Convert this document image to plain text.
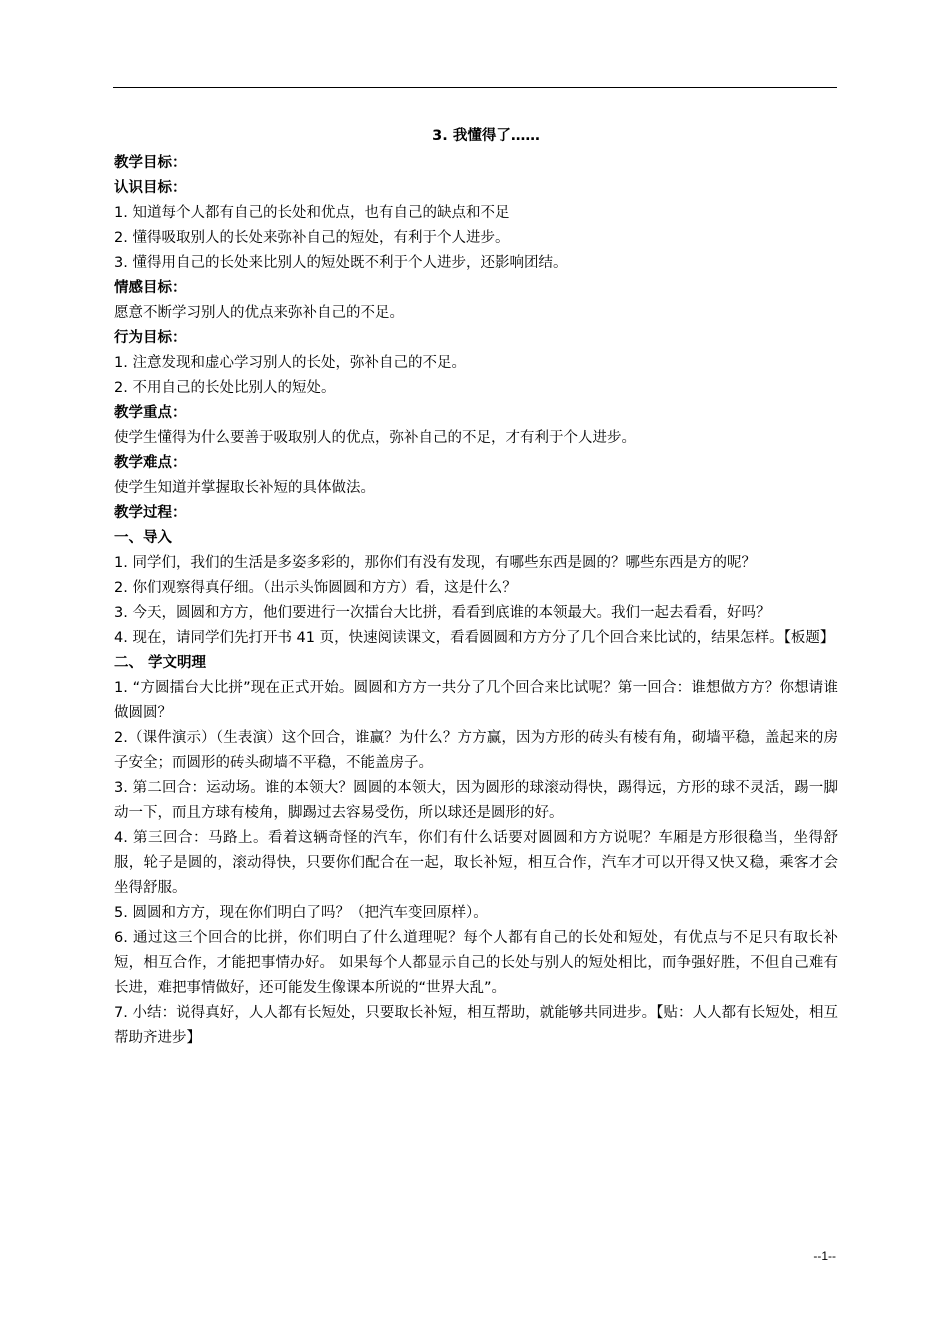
3. 我懂得了……
教学目标：
认识目标：
1. 知道每个人都有自己的长处和优点，也有自己的缺点和不足
2. 懂得吸取别人的长处来弥补自己的短处，有利于个人进步。
3. 懂得用自己的长处来比别人的短处既不利于个人进步，还影响团结。
情感目标：
愿意不断学习别人的优点来弥补自己的不足。
行为目标：
1. 注意发现和虚心学习别人的长处，弥补自己的不足。
2. 不用自己的长处比别人的短处。
教学重点：
使学生懂得为什么要善于吸取别人的优点，弥补自己的不足，才有利于个人进步。
教学难点：
使学生知道并掌握取长补短的具体做法。
教学过程：
一、导入
1. 同学们，我们的生活是多姿多彩的，那你们有没有发现，有哪些东西是圆的？哪些东西是方的呢？
2. 你们观察得真仔细。（出示头饰圆圆和方方）看，这是什么？
3. 今天，圆圆和方方，他们要进行一次擂台大比拼，看看到底谁的本领最大。我们一起去看看，好吗？
4. 现在，请同学们先打开书 41 页，快速阅读课文，看看圆圆和方方分了几个回合来比试的，结果怎样。【板题】
二、 学文明理
1. “方圆擂台大比拼”现在正式开始。圆圆和方方一共分了几个回合来比试呢？第一回合：谁想做方方？你想请谁做圆圆？
2.（课件演示）（生表演）这个回合，谁赢？为什么？方方赢，因为方形的砖头有棱有角，砌墙平稳，盖起来的房子安全；而圆形的砖头砌墙不平稳，不能盖房子。
3. 第二回合：运动场。谁的本领大？圆圆的本领大，因为圆形的球滚动得快，踢得远，方形的球不灵活，踢一脚动一下，而且方球有棱角，脚踢过去容易受伤，所以球还是圆形的好。
4. 第三回合：马路上。看着这辆奇怪的汽车，你们有什么话要对圆圆和方方说呢？车厢是方形很稳当，坐得舒服，轮子是圆的，滚动得快，只要你们配合在一起，取长补短，相互合作，汽车才可以开得又快又稳，乘客才会坐得舒服。
5. 圆圆和方方，现在你们明白了吗？（把汽车变回原样）。
6. 通过这三个回合的比拼，你们明白了什么道理呢？每个人都有自己的长处和短处，有优点与不足只有取长补短，相互合作，才能把事情办好。 如果每个人都显示自己的长处与别人的短处相比，而争强好胜，不但自己难有长进，难把事情做好，还可能发生像课本所说的“世界大乱”。
7. 小结：说得真好，人人都有长短处，只要取长补短，相互帮助，就能够共同进步。【贴：人人都有长短处，相互帮助齐进步】
--1--
